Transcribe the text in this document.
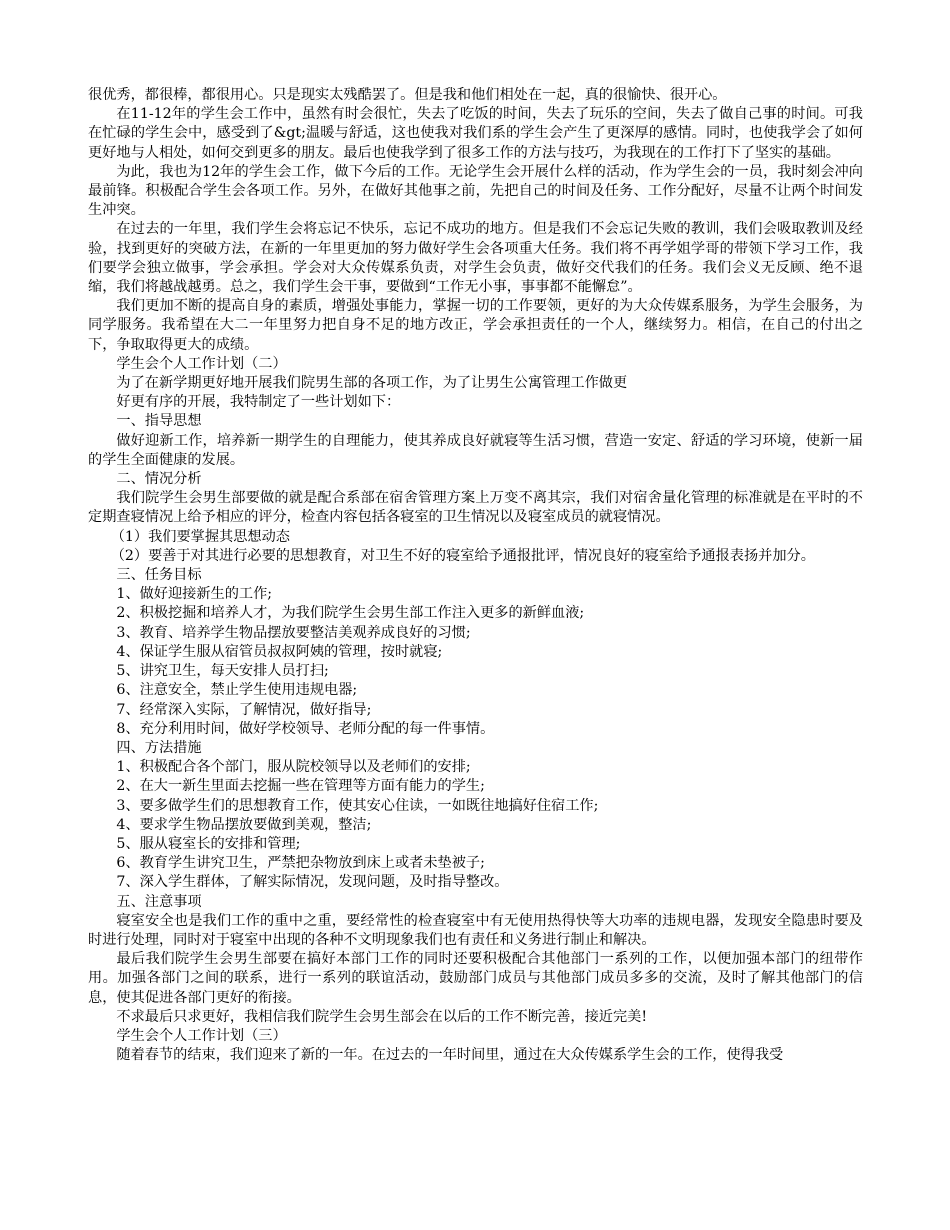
很优秀，都很棒，都很用心。只是现实太残酷罢了。但是我和他们相处在一起，真的很愉快、很开心。

在11-12年的学生会工作中，虽然有时会很忙，失去了吃饭的时间，失去了玩乐的空间，失去了做自己事的时间。可我在忙碌的学生会中，感受到了&gt;温暖与舒适，这也使我对我们系的学生会产生了更深厚的感情。同时，也使我学会了如何更好地与人相处，如何交到更多的朋友。最后也使我学到了很多工作的方法与技巧，为我现在的工作打下了坚实的基础。

为此，我也为12年的学生会工作，做下今后的工作。无论学生会开展什么样的活动，作为学生会的一员，我时刻会冲向最前锋。积极配合学生会各项工作。另外，在做好其他事之前，先把自己的时间及任务、工作分配好，尽量不让两个时间发生冲突。

在过去的一年里，我们学生会将忘记不快乐，忘记不成功的地方。但是我们不会忘记失败的教训，我们会吸取教训及经验，找到更好的突破方法，在新的一年里更加的努力做好学生会各项重大任务。我们将不再学姐学哥的带领下学习工作，我们要学会独立做事，学会承担。学会对大众传媒系负责，对学生会负责，做好交代我们的任务。我们会义无反顾、绝不退缩，我们将越战越勇。总之，我们学生会干事，要做到“工作无小事，事事都不能懈怠”。

我们更加不断的提高自身的素质，增强处事能力，掌握一切的工作要领，更好的为大众传媒系服务，为学生会服务，为同学服务。我希望在大二一年里努力把自身不足的地方改正，学会承担责任的一个人，继续努力。相信，在自己的付出之下，争取取得更大的成绩。

学生会个人工作计划（二）

为了在新学期更好地开展我们院男生部的各项工作，为了让男生公寓管理工作做更

好更有序的开展，我特制定了一些计划如下：

一、指导思想

做好迎新工作，培养新一期学生的自理能力，使其养成良好就寝等生活习惯，营造一安定、舒适的学习环境，使新一届的学生全面健康的发展。

二、情况分析

我们院学生会男生部要做的就是配合系部在宿舍管理方案上万变不离其宗，我们对宿舍量化管理的标准就是在平时的不定期查寝情况上给予相应的评分，检查内容包括各寝室的卫生情况以及寝室成员的就寝情况。

（1）我们要掌握其思想动态

（2）要善于对其进行必要的思想教育，对卫生不好的寝室给予通报批评，情况良好的寝室给予通报表扬并加分。

三、任务目标

1、做好迎接新生的工作;

2、积极挖掘和培养人才，为我们院学生会男生部工作注入更多的新鲜血液;

3、教育、培养学生物品摆放要整洁美观养成良好的习惯;

4、保证学生服从宿管员叔叔阿姨的管理，按时就寝;

5、讲究卫生，每天安排人员打扫;

6、注意安全，禁止学生使用违规电器;

7、经常深入实际，了解情况，做好指导;

8、充分利用时间，做好学校领导、老师分配的每一件事情。

四、方法措施

1、积极配合各个部门，服从院校领导以及老师们的安排;

2、在大一新生里面去挖掘一些在管理等方面有能力的学生;

3、要多做学生们的思想教育工作，使其安心住读，一如既往地搞好住宿工作;

4、要求学生物品摆放要做到美观，整洁;

5、服从寝室长的安排和管理;

6、教育学生讲究卫生，严禁把杂物放到床上或者未垫被子;

7、深入学生群体，了解实际情况，发现问题，及时指导整改。

五、注意事项

寝室安全也是我们工作的重中之重，要经常性的检查寝室中有无使用热得快等大功率的违规电器，发现安全隐患时要及时进行处理，同时对于寝室中出现的各种不文明现象我们也有责任和义务进行制止和解决。

最后我们院学生会男生部要在搞好本部门工作的同时还要积极配合其他部门一系列的工作，以便加强本部门的纽带作用。加强各部门之间的联系，进行一系列的联谊活动，鼓励部门成员与其他部门成员多多的交流，及时了解其他部门的信息，使其促进各部门更好的衔接。

不求最后只求更好，我相信我们院学生会男生部会在以后的工作不断完善，接近完美!

学生会个人工作计划（三）

随着春节的结束，我们迎来了新的一年。在过去的一年时间里，通过在大众传媒系学生会的工作，使得我受
